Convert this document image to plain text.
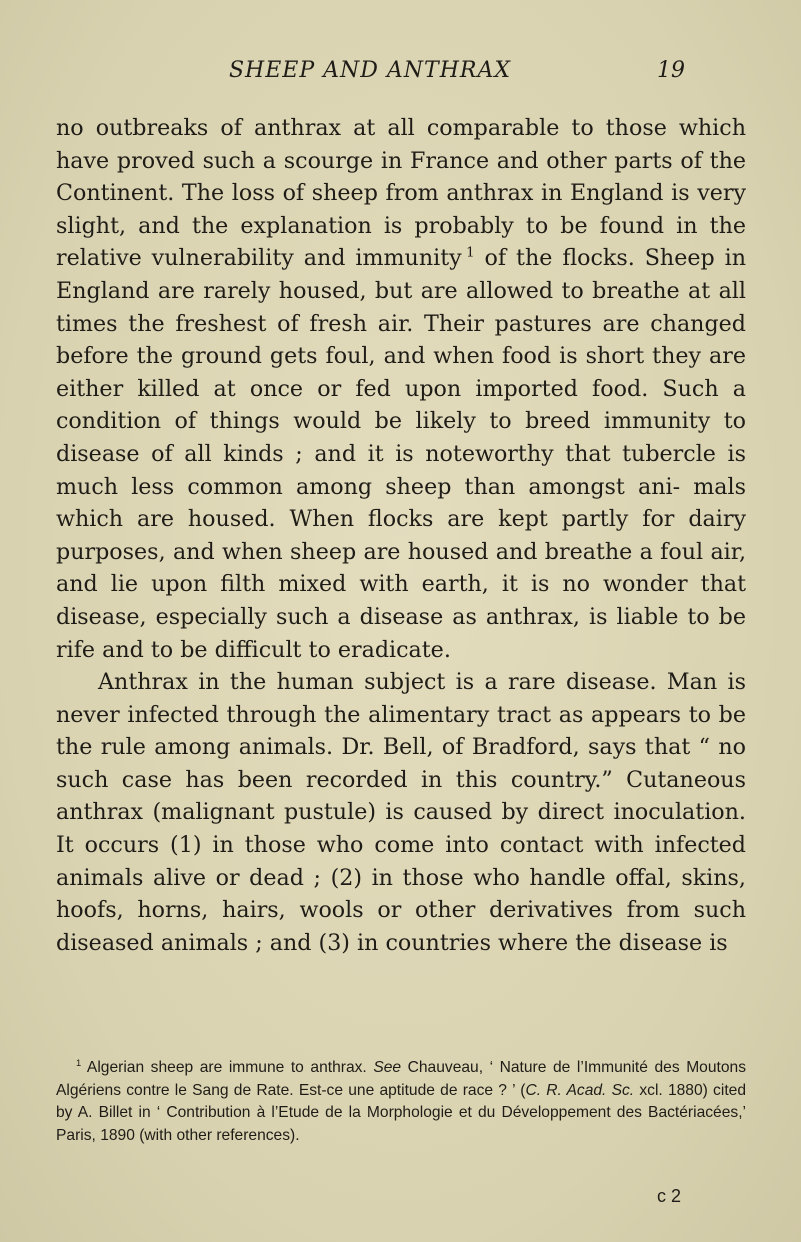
SHEEP AND ANTHRAX	19

no outbreaks of anthrax at all comparable to those which have proved such a scourge in France and other parts of the Continent. The loss of sheep from anthrax in England is very slight, and the explanation is probably to be found in the relative vulnerability and immunity  $^1$ of the flocks. Sheep in England are rarely housed, but are allowed to breathe at all times the freshest of fresh air. Their pastures are changed before the ground gets foul, and when food is short they are either killed at once or fed upon imported food. Such a condition of things would be likely to breed immunity to disease of all kinds ; and it is noteworthy that tubercle is much less common among sheep than amongst ani- mals which are housed. When flocks are kept partly for dairy purposes, and when sheep are housed and breathe a foul air, and lie upon filth mixed with earth, it is no wonder that disease, especially such a disease as anthrax, is liable to be rife and to be difficult to eradicate.

Anthrax in the human subject is a rare disease. Man is never infected through the alimentary tract as appears to be the rule among animals. Dr. Bell, of Bradford, says that “ no such case has been recorded in this country.” Cutaneous anthrax (malignant pustule) is caused by direct inoculation. It occurs (1) in those who come into contact with infected animals alive or dead ; (2) in those who handle offal, skins, hoofs, horns, hairs, wools or other derivatives from such diseased animals ; and (3) in countries where the disease is

$^1$ Algerian sheep are immune to anthrax. See Chauveau, ‘ Nature de l’Immunité des Moutons Algériens contre le Sang de Rate. Est-ce une aptitude de race ? ’ (C. R. Acad. Sc. xcl. 1880) cited by A. Billet in ‘ Contribution à l’Etude de la Morphologie et du Développement des Bactériacées,’ Paris, 1890 (with other references).

c 2
